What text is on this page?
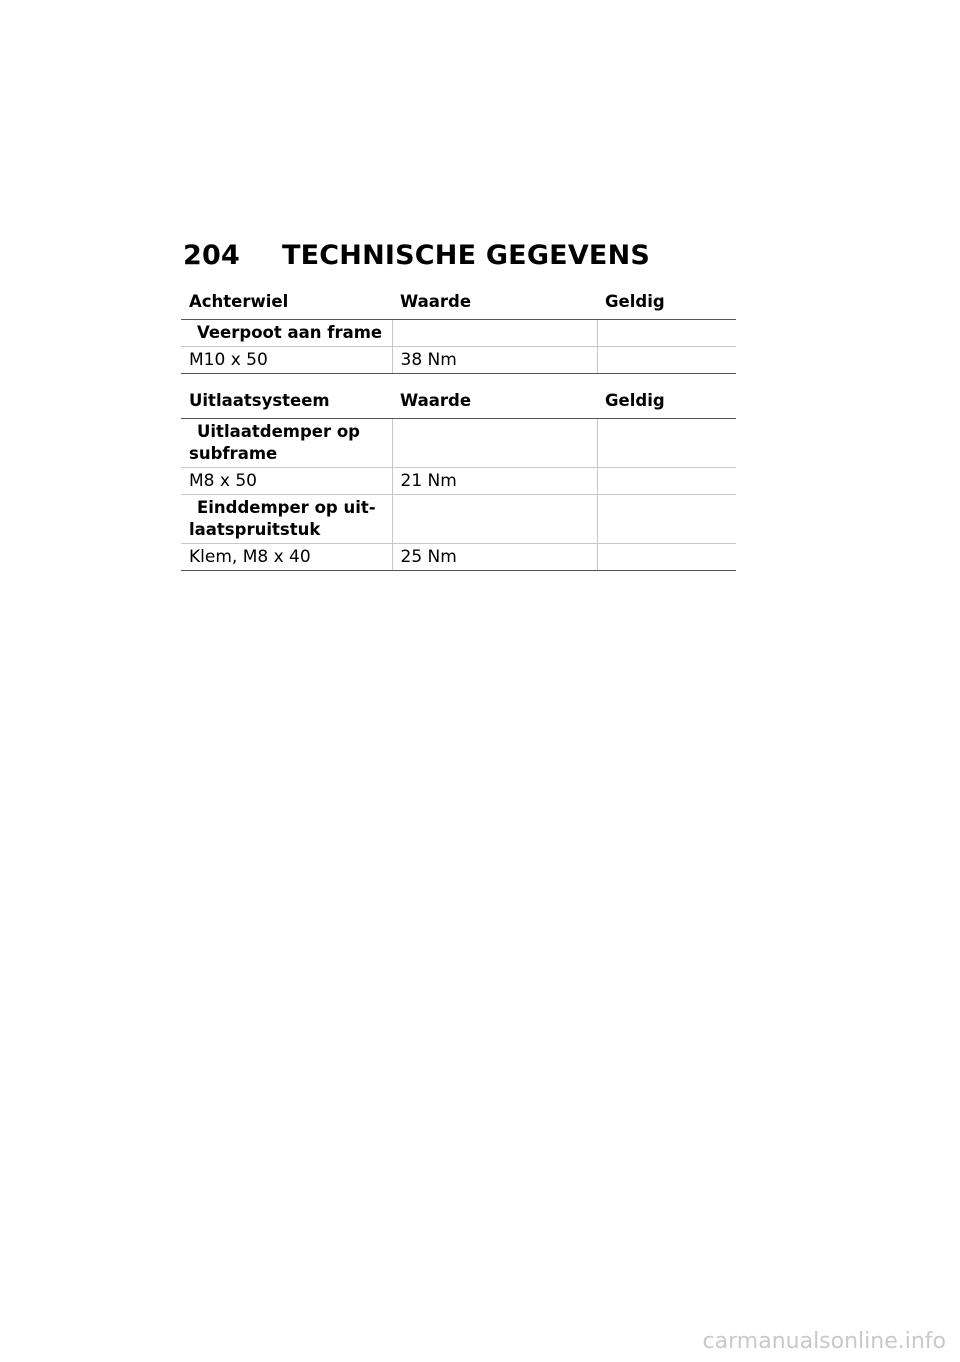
204 TECHNISCHE GEGEVENS
Achterwiel	Waarde	Geldig
Veerpoot aan frame		
M10 x 50	38 Nm	
Uitlaatsysteem	Waarde	Geldig
Uitlaatdemper op
subframe		
M8 x 50	21 Nm	
Einddemper op uit-
laatspruitstuk		
Klem, M8 x 40	25 Nm	
carmanualsonline.info
